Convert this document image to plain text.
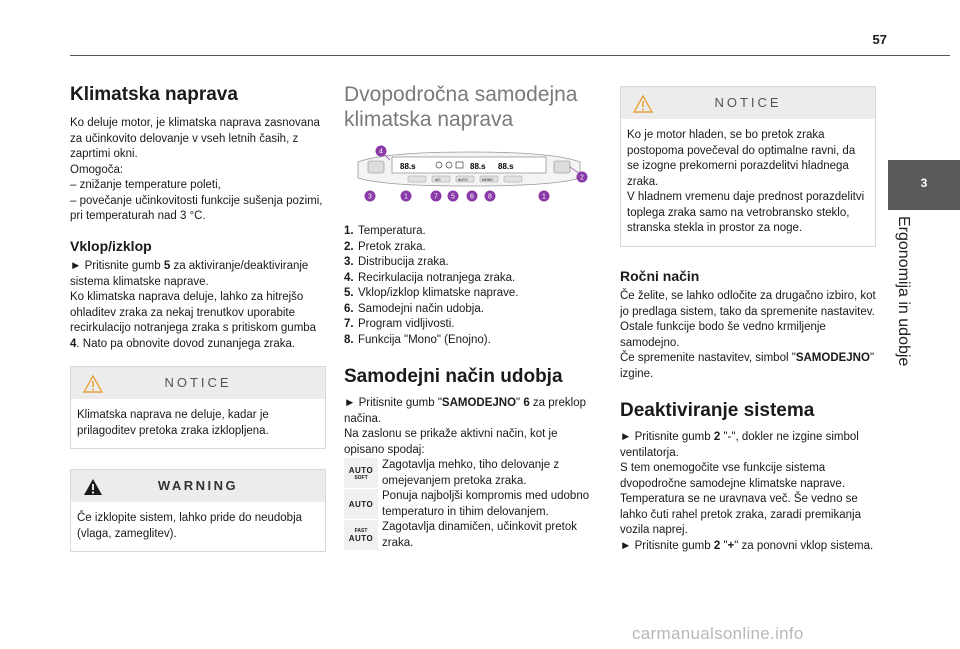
57
3
Ergonomija in udobje
Klimatska naprava

Ko deluje motor, je klimatska naprava zasnovana za učinkovito delovanje v vseh letnih časih, z zaprtimi okni.

Omogoča:

– znižanje temperature poleti,

– povečanje učinkovitosti funkcije sušenja pozimi, pri temperaturah nad 3 °C.

Vklop/izklop

► Pritisnite gumb 5 za aktiviranje/deaktiviranje sistema klimatske naprave.

Ko klimatska naprava deluje, lahko za hitrejšo ohladitev zraka za nekaj trenutkov uporabite recirkulacijo notranjega zraka s pritiskom gumba 4. Nato pa obnovite dovod zunanjega zraka.

NOTICE
Klimatska naprava ne deluje, kadar je prilagoditev pretoka zraka izklopljena.
WARNING
Če izklopite sistem, lahko pride do neudobja (vlaga, zameglitev).
Dvopodročna samodejna klimatska naprava
88.s	88.s 88.s
A/C	AUTO	MONO
4
2
3	1	7 5 6 8	1
1. Temperatura.
2. Pretok zraka.
3. Distribucija zraka.
4. Recirkulacija notranjega zraka.
5. Vklop/izklop klimatske naprave.
6. Samodejni način udobja.
7. Program vidljivosti.
8. Funkcija "Mono" (Enojno).
Samodejni način udobja

► Pritisnite gumb "SAMODEJNO" 6 za preklop načina.

Na zaslonu se prikaže aktivni način, kot je opisano spodaj:

AUTO
SOFT
Zagotavlja mehko, tiho delovanje z omejevanjem pretoka zraka.
AUTO
Ponuja najboljši kompromis med udobno temperaturo in tihim delovanjem.
FAST
AUTO
Zagotavlja dinamičen, učinkovit pretok zraka.
NOTICE

Ko je motor hladen, se bo pretok zraka postopoma povečeval do optimalne ravni, da se izogne prekomerni porazdelitvi hladnega zraka.

V hladnem vremenu daje prednost porazdelitvi toplega zraka samo na vetrobransko steklo, stranska stekla in prostor za noge.

Ročni način

Če želite, se lahko odločite za drugačno izbiro, kot jo predlaga sistem, tako da spremenite nastavitev. Ostale funkcije bodo še vedno krmiljenje samodejno.

Če spremenite nastavitev, simbol "SAMODEJNO" izgine.

Deaktiviranje sistema

► Pritisnite gumb 2 "-", dokler ne izgine simbol ventilatorja.

S tem onemogočite vse funkcije sistema dvopodročne samodejne klimatske naprave.

Temperatura se ne uravnava več. Še vedno se lahko čuti rahel pretok zraka, zaradi premikanja vozila naprej.

► Pritisnite gumb 2 "+" za ponovni vklop sistema.

carmanualsonline.info
